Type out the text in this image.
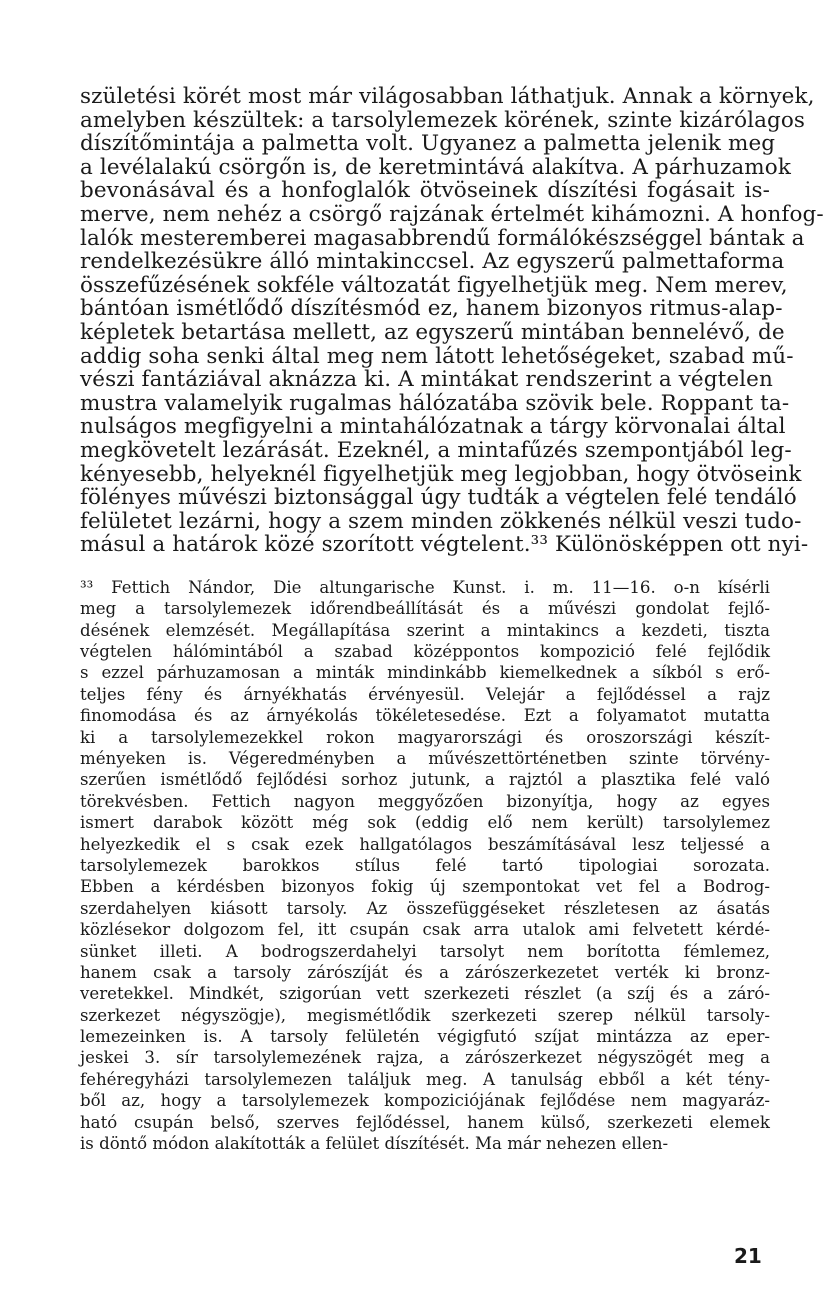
születési körét most már világosabban láthatjuk. Annak a környek,
amelyben készültek: a tarsolylemezek körének, szinte kizárólagos
díszítőmintája a palmetta volt. Ugyanez a palmetta jelenik meg
a levélalakú csörgőn is, de keretmintává alakítva. A párhuzamok
bevonásával és a honfoglalók ötvöseinek díszítési fogásait is-
merve, nem nehéz a csörgő rajzának értelmét kihámozni. A honfog-
lalók mesteremberei magasabbrendű formálókészséggel bántak a
rendelkezésükre álló mintakinccsel. Az egyszerű palmettaforma
összefűzésének sokféle változatát figyelhetjük meg. Nem merev,
bántóan ismétlődő díszítésmód ez, hanem bizonyos ritmus-alap-
képletek betartása mellett, az egyszerű mintában bennelévő, de
addig soha senki által meg nem látott lehetőségeket, szabad mű-
vészi fantáziával aknázza ki. A mintákat rendszerint a végtelen
mustra valamelyik rugalmas hálózatába szövik bele. Roppant ta-
nulságos megfigyelni a mintahálózatnak a tárgy körvonalai által
megkövetelt lezárását. Ezeknél, a mintafűzés szempontjából leg-
kényesebb, helyeknél figyelhetjük meg legjobban, hogy ötvöseink
fölényes művészi biztonsággal úgy tudták a végtelen felé tendáló
felületet lezárni, hogy a szem minden zökkenés nélkül veszi tudo-
másul a határok közé szorított végtelent.³³ Különösképpen ott nyi-
³³ Fettich Nándor, Die altungarische Kunst. i. m. 11—16. o-n kísérli
meg a tarsolylemezek időrendbeállítását és a művészi gondolat fejlő-
désének elemzését. Megállapítása szerint a mintakincs a kezdeti, tiszta
végtelen hálómintából a szabad középpontos kompozició felé fejlődik
s ezzel párhuzamosan a minták mindinkább kiemelkednek a síkból s erő-
teljes fény és árnyékhatás érvényesül. Velejár a fejlődéssel a rajz
finomodása és az árnyékolás tökéletesedése. Ezt a folyamatot mutatta
ki a tarsolylemezekkel rokon magyarországi és oroszországi készít-
ményeken is. Végeredményben a művészettörténetben szinte törvény-
szerűen ismétlődő fejlődési sorhoz jutunk, a rajztól a plasztika felé való
törekvésben. Fettich nagyon meggyőzően bizonyítja, hogy az egyes
ismert darabok között még sok (eddig elő nem került) tarsolylemez
helyezkedik el s csak ezek hallgatólagos beszámításával lesz teljessé a
tarsolylemezek barokkos stílus felé tartó tipologiai sorozata.
Ebben a kérdésben bizonyos fokig új szempontokat vet fel a Bodrog-
szerdahelyen kiásott tarsoly. Az összefüggéseket részletesen az ásatás
közlésekor dolgozom fel, itt csupán csak arra utalok ami felvetett kérdé-
sünket illeti. A bodrogszerdahelyi tarsolyt nem borította fémlemez,
hanem csak a tarsoly zárószíját és a zárószerkezetet verték ki bronz-
veretekkel. Mindkét, szigorúan vett szerkezeti részlet (a szíj és a záró-
szerkezet négyszögje), megismétlődik szerkezeti szerep nélkül tarsoly-
lemezeinken is. A tarsoly felületén végigfutó szíjat mintázza az eper-
jeskei 3. sír tarsolylemezének rajza, a zárószerkezet négyszögét meg a
fehéregyházi tarsolylemezen találjuk meg. A tanulság ebből a két tény-
ből az, hogy a tarsolylemezek kompoziciójának fejlődése nem magyaráz-
ható csupán belső, szerves fejlődéssel, hanem külső, szerkezeti elemek
is döntő módon alakították a felület díszítését. Ma már nehezen ellen-
21
